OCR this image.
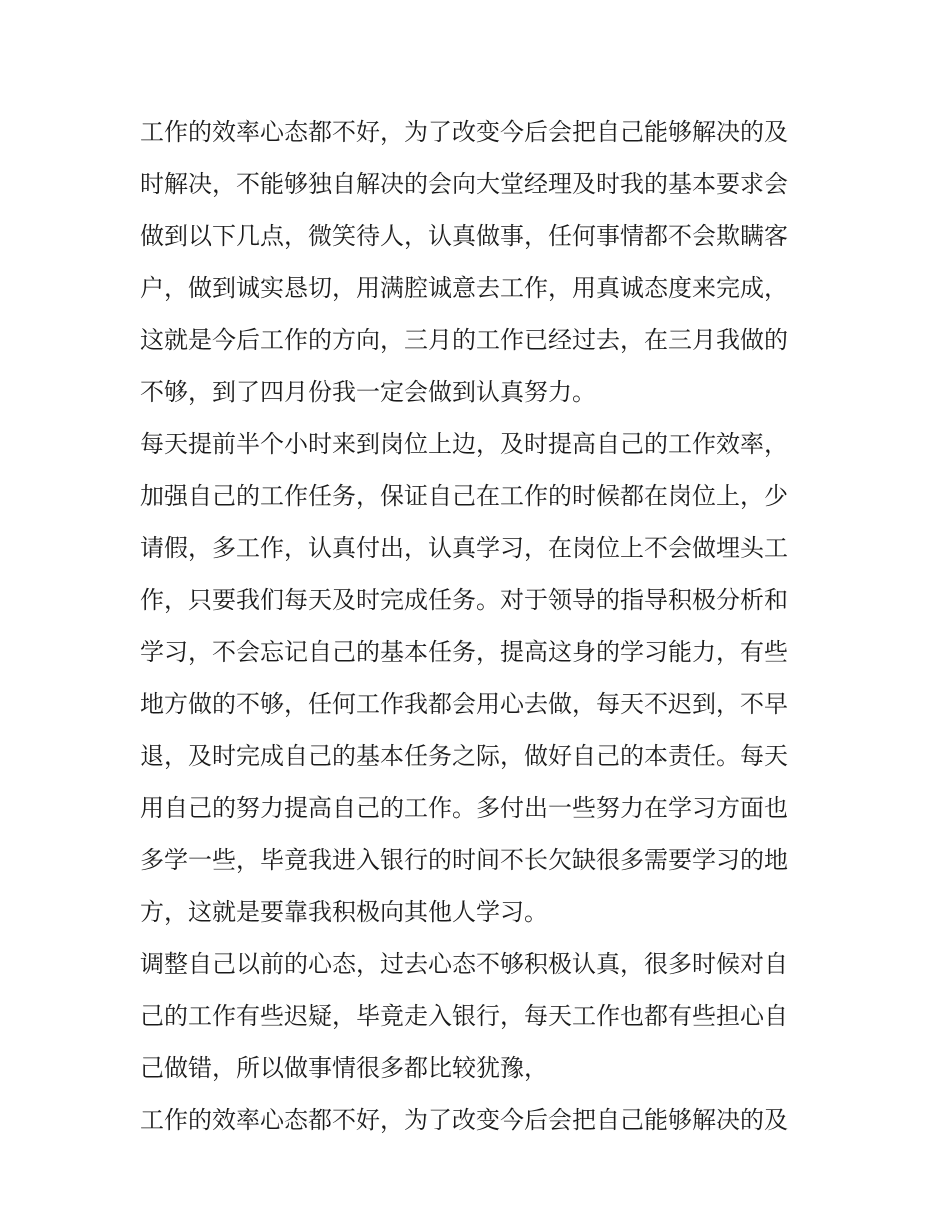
工作的效率心态都不好，为了改变今后会把自己能够解决的及
时解决，不能够独自解决的会向大堂经理及时我的基本要求会
做到以下几点，微笑待人，认真做事，任何事情都不会欺瞒客
户，做到诚实恳切，用满腔诚意去工作，用真诚态度来完成，
这就是今后工作的方向，三月的工作已经过去，在三月我做的
不够，到了四月份我一定会做到认真努力。
每天提前半个小时来到岗位上边，及时提高自己的工作效率，
加强自己的工作任务，保证自己在工作的时候都在岗位上，少
请假，多工作，认真付出，认真学习，在岗位上不会做埋头工
作，只要我们每天及时完成任务。对于领导的指导积极分析和
学习，不会忘记自己的基本任务，提高这身的学习能力，有些
地方做的不够，任何工作我都会用心去做，每天不迟到，不早
退，及时完成自己的基本任务之际，做好自己的本责任。每天
用自己的努力提高自己的工作。多付出一些努力在学习方面也
多学一些，毕竟我进入银行的时间不长欠缺很多需要学习的地
方，这就是要靠我积极向其他人学习。
调整自己以前的心态，过去心态不够积极认真，很多时候对自
己的工作有些迟疑，毕竟走入银行，每天工作也都有些担心自
己做错，所以做事情很多都比较犹豫，
工作的效率心态都不好，为了改变今后会把自己能够解决的及
